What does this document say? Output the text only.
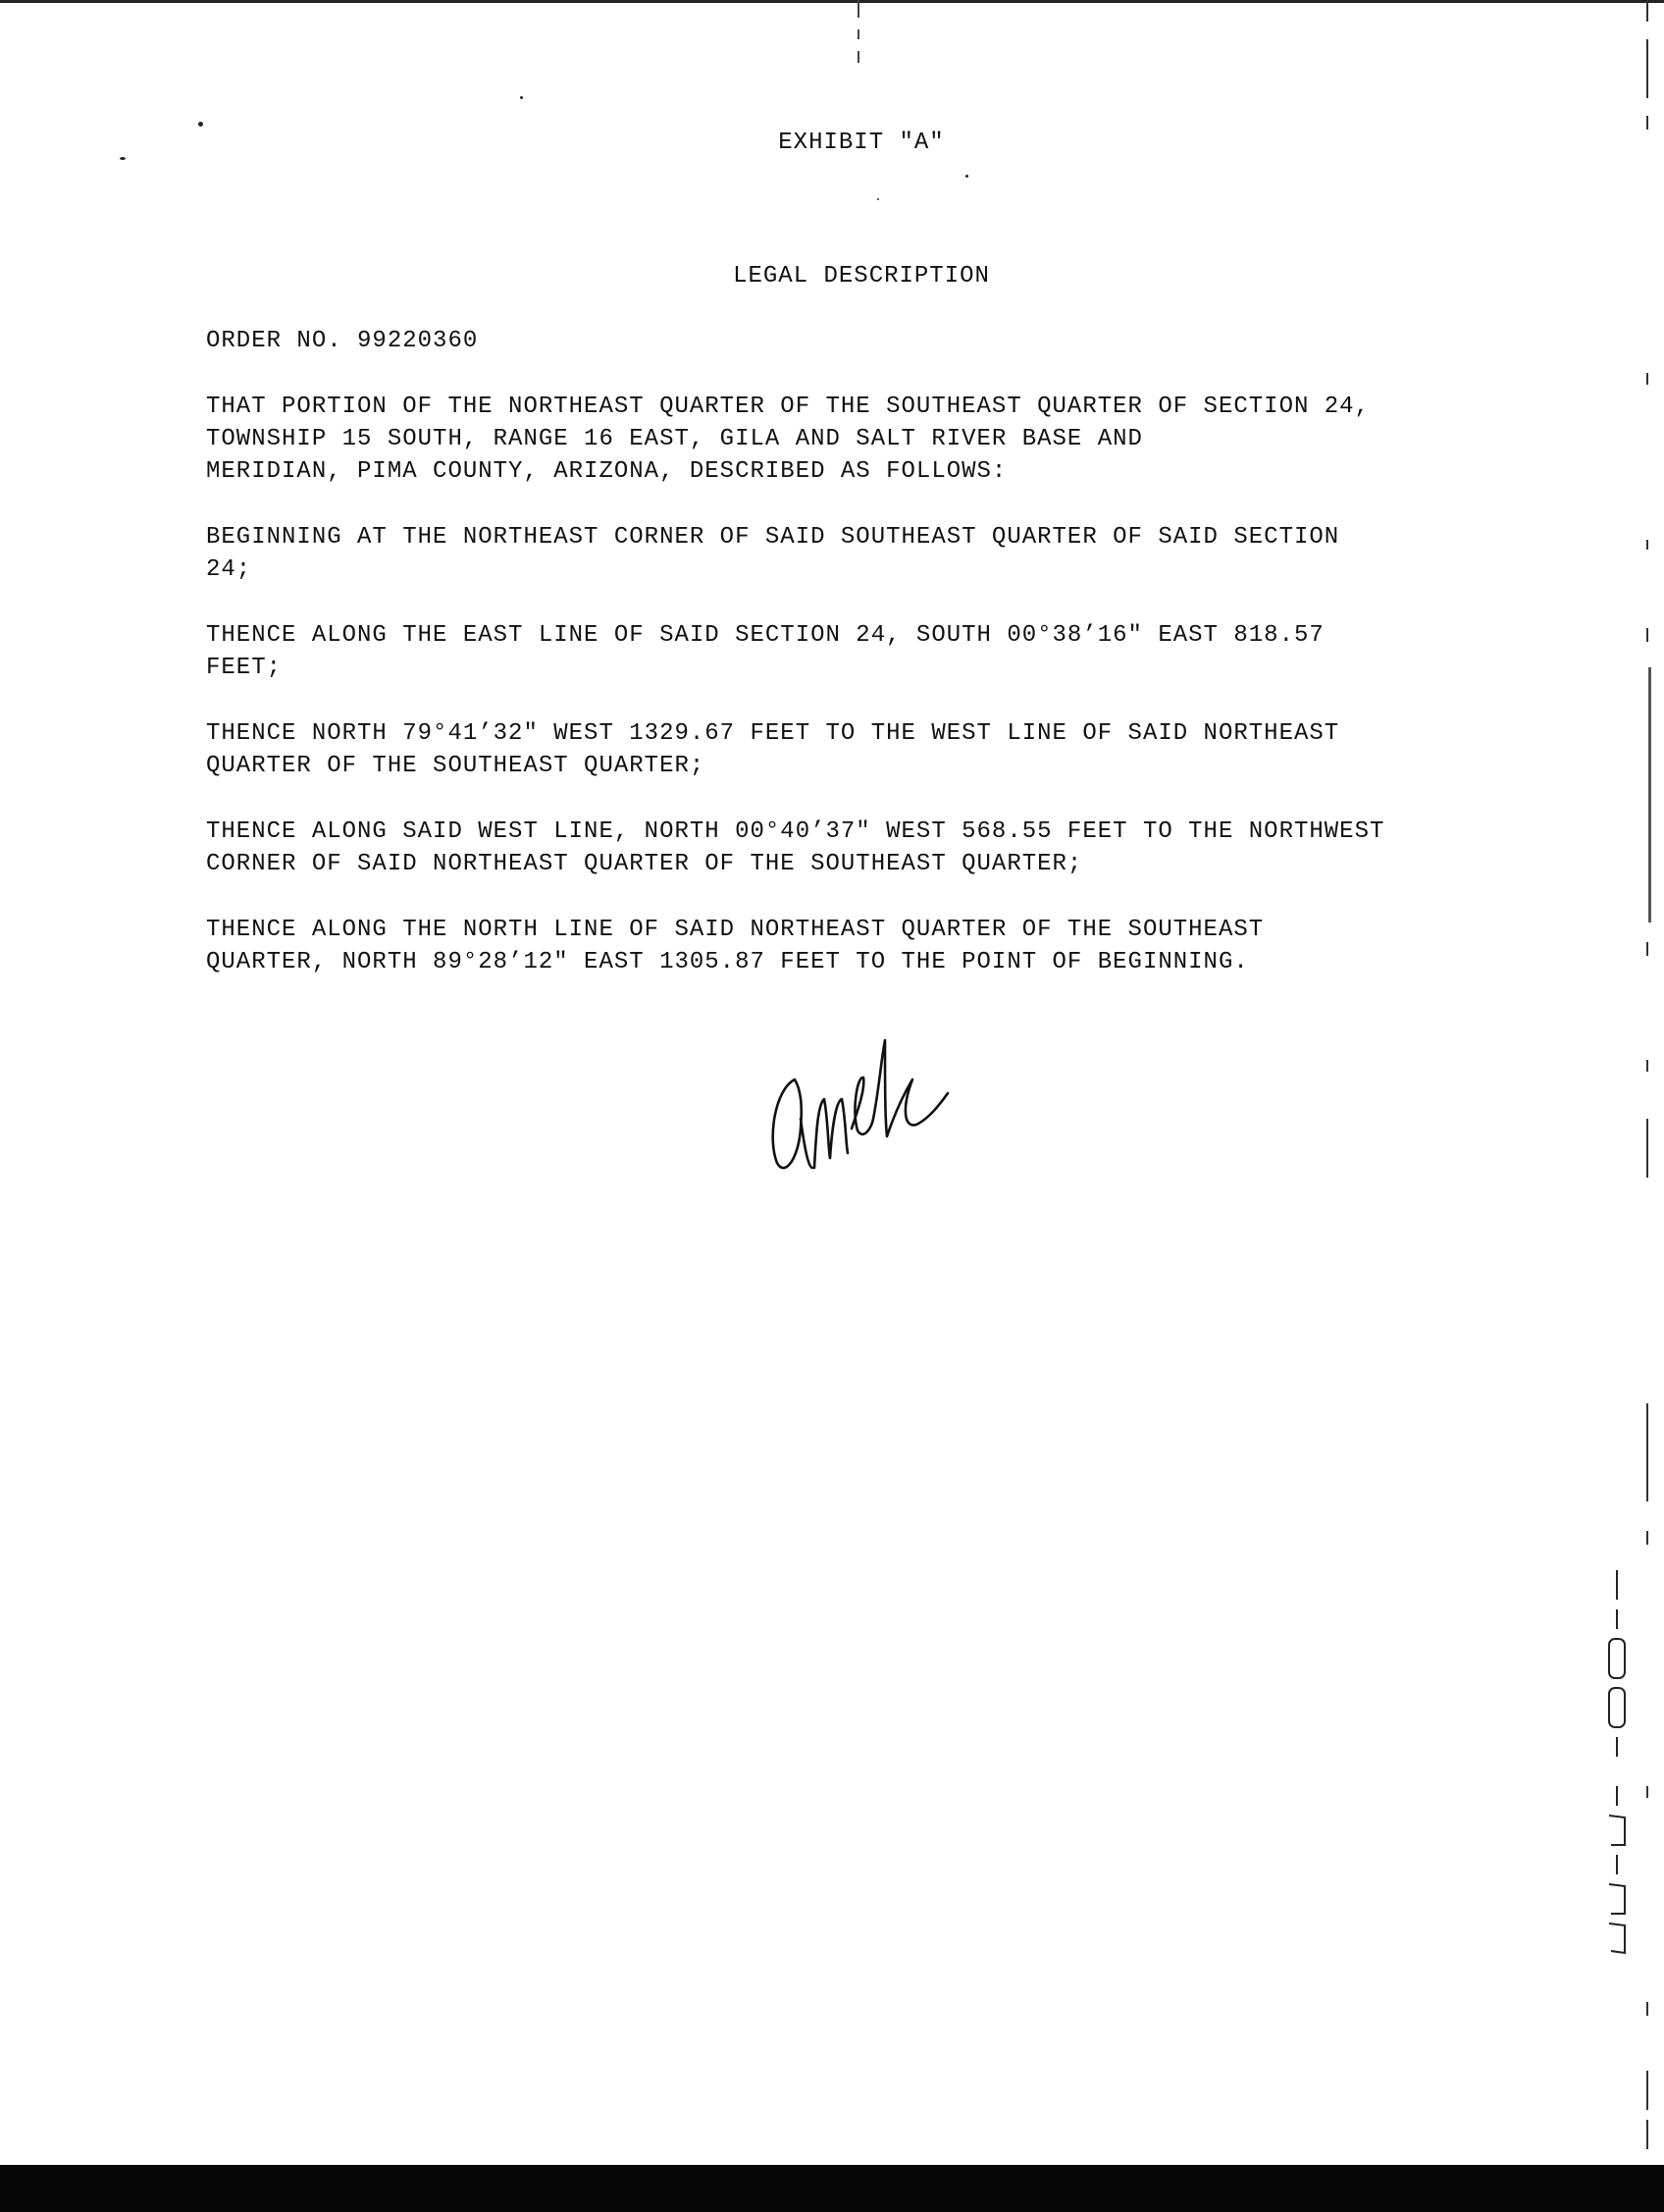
EXHIBIT "A"
LEGAL DESCRIPTION
ORDER NO. 99220360

THAT PORTION OF THE NORTHEAST QUARTER OF THE SOUTHEAST QUARTER OF SECTION 24,
TOWNSHIP 15 SOUTH, RANGE 16 EAST, GILA AND SALT RIVER BASE AND
MERIDIAN, PIMA COUNTY, ARIZONA, DESCRIBED AS FOLLOWS:

BEGINNING AT THE NORTHEAST CORNER OF SAID SOUTHEAST QUARTER OF SAID SECTION
24;

THENCE ALONG THE EAST LINE OF SAID SECTION 24, SOUTH 00°38’16" EAST 818.57
FEET;

THENCE NORTH 79°41’32" WEST 1329.67 FEET TO THE WEST LINE OF SAID NORTHEAST
QUARTER OF THE SOUTHEAST QUARTER;

THENCE ALONG SAID WEST LINE, NORTH 00°40’37" WEST 568.55 FEET TO THE NORTHWEST
CORNER OF SAID NORTHEAST QUARTER OF THE SOUTHEAST QUARTER;

THENCE ALONG THE NORTH LINE OF SAID NORTHEAST QUARTER OF THE SOUTHEAST
QUARTER, NORTH 89°28’12" EAST 1305.87 FEET TO THE POINT OF BEGINNING.
